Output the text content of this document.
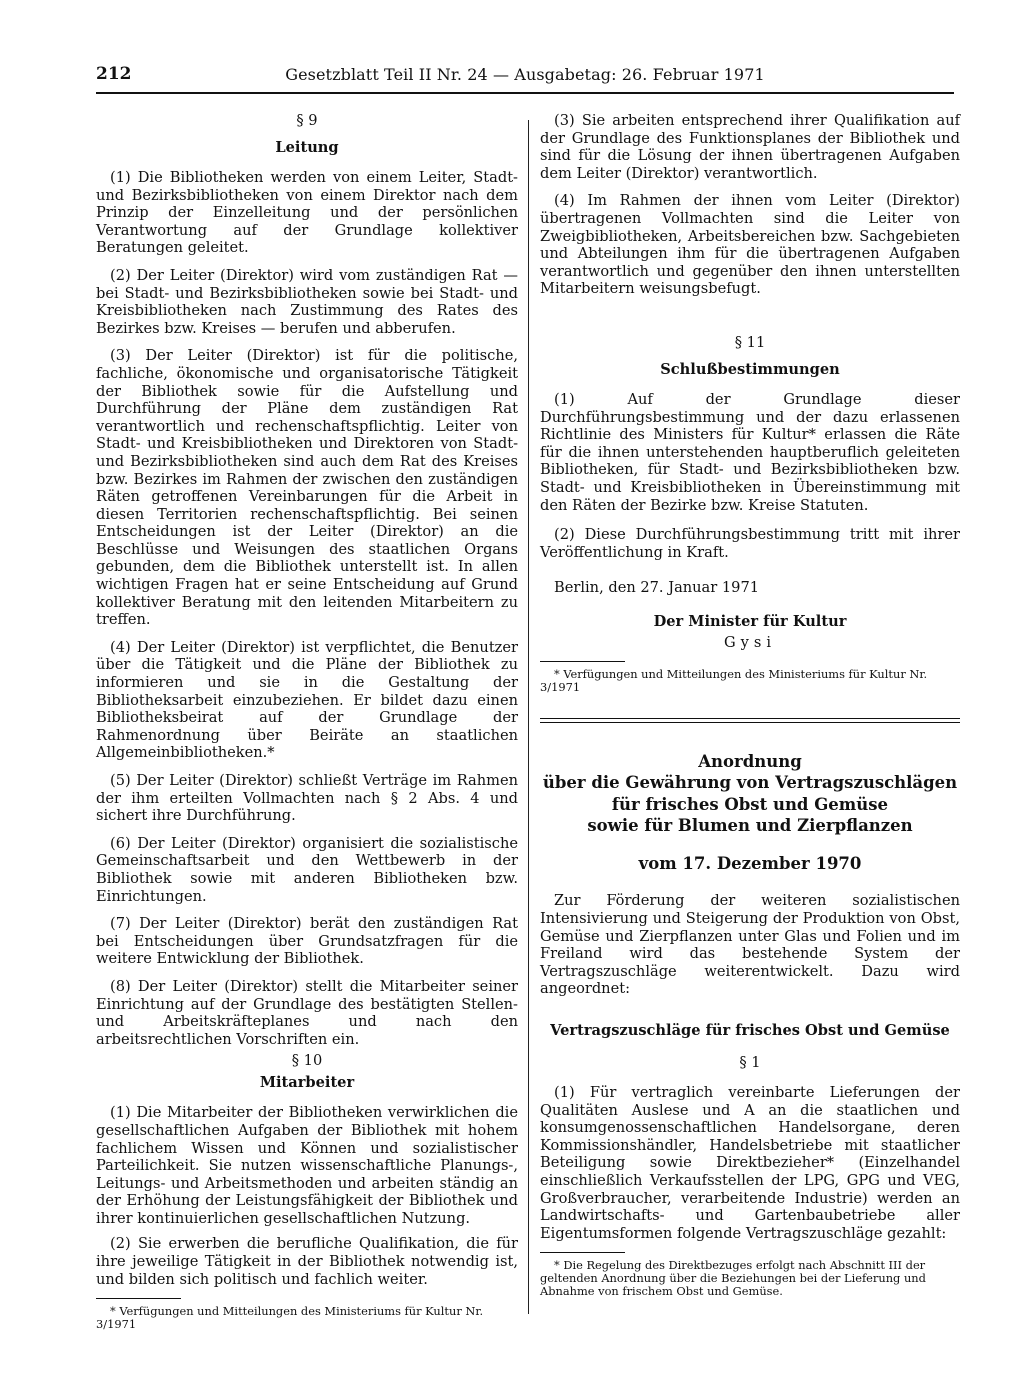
212	Gesetzblatt Teil II Nr. 24 — Ausgabetag: 26. Februar 1971
§ 9
Leitung

(1) Die Bibliotheken werden von einem Leiter, Stadt- und Bezirksbibliotheken von einem Direktor nach dem Prinzip der Einzelleitung und der persönlichen Verantwortung auf der Grundlage kollektiver Beratungen geleitet.

(2) Der Leiter (Direktor) wird vom zuständigen Rat — bei Stadt- und Bezirksbibliotheken sowie bei Stadt- und Kreisbibliotheken nach Zustimmung des Rates des Bezirkes bzw. Kreises — berufen und abberufen.

(3) Der Leiter (Direktor) ist für die politische, fachliche, ökonomische und organisatorische Tätigkeit der Bibliothek sowie für die Aufstellung und Durchführung der Pläne dem zuständigen Rat verantwortlich und rechenschaftspflichtig. Leiter von Stadt- und Kreisbibliotheken und Direktoren von Stadt- und Bezirksbibliotheken sind auch dem Rat des Kreises bzw. Bezirkes im Rahmen der zwischen den zuständigen Räten getroffenen Vereinbarungen für die Arbeit in diesen Territorien rechenschaftspflichtig. Bei seinen Entscheidungen ist der Leiter (Direktor) an die Beschlüsse und Weisungen des staatlichen Organs gebunden, dem die Bibliothek unterstellt ist. In allen wichtigen Fragen hat er seine Entscheidung auf Grund kollektiver Beratung mit den leitenden Mitarbeitern zu treffen.

(4) Der Leiter (Direktor) ist verpflichtet, die Benutzer über die Tätigkeit und die Pläne der Bibliothek zu informieren und sie in die Gestaltung der Bibliotheksarbeit einzubeziehen. Er bildet dazu einen Bibliotheksbeirat auf der Grundlage der Rahmenordnung über Beiräte an staatlichen Allgemeinbibliotheken.*

(5) Der Leiter (Direktor) schließt Verträge im Rahmen der ihm erteilten Vollmachten nach § 2 Abs. 4 und sichert ihre Durchführung.

(6) Der Leiter (Direktor) organisiert die sozialistische Gemeinschaftsarbeit und den Wettbewerb in der Bibliothek sowie mit anderen Bibliotheken bzw. Einrichtungen.

(7) Der Leiter (Direktor) berät den zuständigen Rat bei Entscheidungen über Grundsatzfragen für die weitere Entwicklung der Bibliothek.

(8) Der Leiter (Direktor) stellt die Mitarbeiter seiner Einrichtung auf der Grundlage des bestätigten Stellen- und Arbeitskräfteplanes und nach den arbeitsrechtlichen Vorschriften ein.

§ 10
Mitarbeiter

(1) Die Mitarbeiter der Bibliotheken verwirklichen die gesellschaftlichen Aufgaben der Bibliothek mit hohem fachlichem Wissen und Können und sozialistischer Parteilichkeit. Sie nutzen wissenschaftliche Planungs-, Leitungs- und Arbeitsmethoden und arbeiten ständig an der Erhöhung der Leistungsfähigkeit der Bibliothek und ihrer kontinuierlichen gesellschaftlichen Nutzung.

(2) Sie erwerben die berufliche Qualifikation, die für ihre jeweilige Tätigkeit in der Bibliothek notwendig ist, und bilden sich politisch und fachlich weiter.

* Verfügungen und Mitteilungen des Ministeriums für Kultur Nr. 3/1971

(3) Sie arbeiten entsprechend ihrer Qualifikation auf der Grundlage des Funktionsplanes der Bibliothek und sind für die Lösung der ihnen übertragenen Aufgaben dem Leiter (Direktor) verantwortlich.

(4) Im Rahmen der ihnen vom Leiter (Direktor) übertragenen Vollmachten sind die Leiter von Zweigbibliotheken, Arbeitsbereichen bzw. Sachgebieten und Abteilungen ihm für die übertragenen Aufgaben verantwortlich und gegenüber den ihnen unterstellten Mitarbeitern weisungsbefugt.

§ 11
Schlußbestimmungen

(1) Auf der Grundlage dieser Durchführungsbestimmung und der dazu erlassenen Richtlinie des Ministers für Kultur* erlassen die Räte für die ihnen unterstehenden hauptberuflich geleiteten Bibliotheken, für Stadt- und Bezirksbibliotheken bzw. Stadt- und Kreisbibliotheken in Übereinstimmung mit den Räten der Bezirke bzw. Kreise Statuten.

(2) Diese Durchführungsbestimmung tritt mit ihrer Veröffentlichung in Kraft.

Berlin, den 27. Januar 1971

Der Minister für Kultur
Gysi

* Verfügungen und Mitteilungen des Ministeriums für Kultur Nr. 3/1971

Anordnung
über die Gewährung von Vertragszuschlägen
für frisches Obst und Gemüse
sowie für Blumen und Zierpflanzen
vom 17. Dezember 1970

Zur Förderung der weiteren sozialistischen Intensivierung und Steigerung der Produktion von Obst, Gemüse und Zierpflanzen unter Glas und Folien und im Freiland wird das bestehende System der Vertragszuschläge weiterentwickelt. Dazu wird angeordnet:

Vertragszuschläge für frisches Obst und Gemüse
§ 1

(1) Für vertraglich vereinbarte Lieferungen der Qualitäten Auslese und A an die staatlichen und konsumgenossenschaftlichen Handelsorgane, deren Kommissionshändler, Handelsbetriebe mit staatlicher Beteiligung sowie Direktbezieher* (Einzelhandel einschließlich Verkaufsstellen der LPG, GPG und VEG, Großverbraucher, verarbeitende Industrie) werden an Landwirtschafts- und Gartenbaubetriebe aller Eigentumsformen folgende Vertragszuschläge gezahlt:

* Die Regelung des Direktbezuges erfolgt nach Abschnitt III der geltenden Anordnung über die Beziehungen bei der Lieferung und Abnahme von frischem Obst und Gemüse.
